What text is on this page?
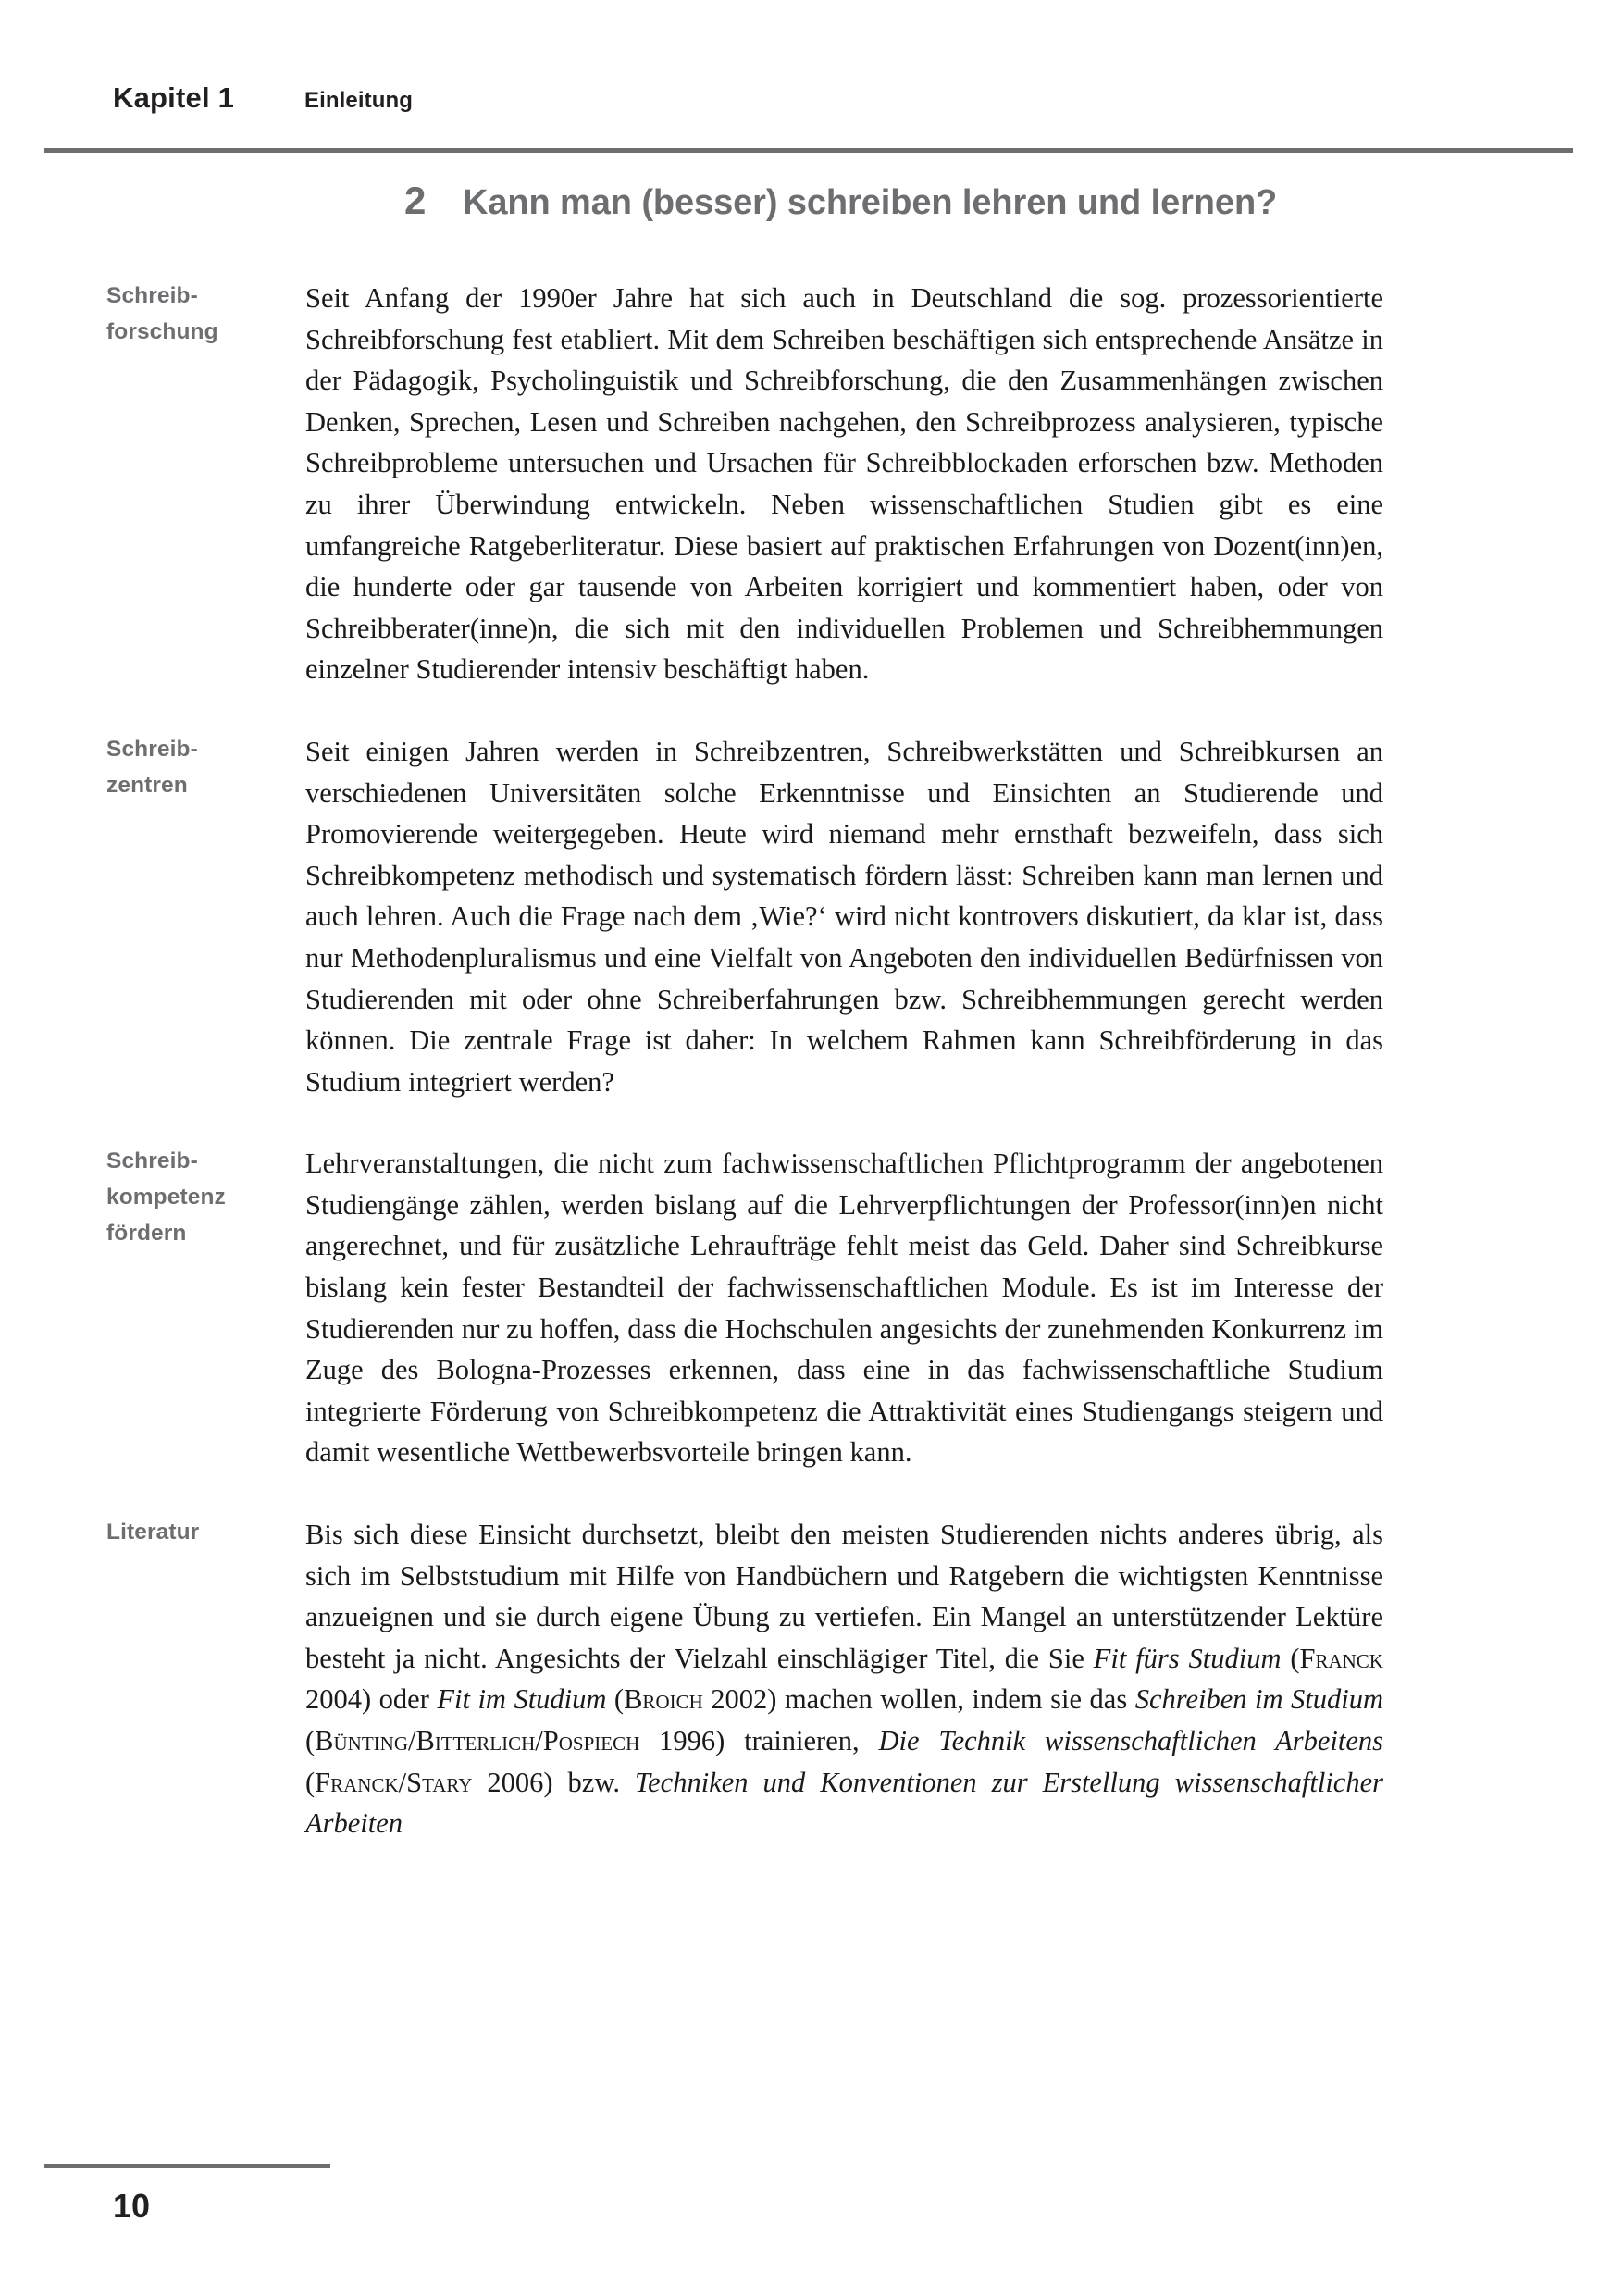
Kapitel 1	Einleitung
2	Kann man (besser) schreiben lehren und lernen?
Schreib-
forschung
Seit Anfang der 1990er Jahre hat sich auch in Deutschland die sog. prozessorientierte Schreibforschung fest etabliert. Mit dem Schreiben beschäftigen sich entsprechende Ansätze in der Pädagogik, Psycholinguistik und Schreibforschung, die den Zusammenhängen zwischen Denken, Sprechen, Lesen und Schreiben nachgehen, den Schreibprozess analysieren, typische Schreibprobleme untersuchen und Ursachen für Schreibblockaden erforschen bzw. Methoden zu ihrer Überwindung entwickeln. Neben wissenschaftlichen Studien gibt es eine umfangreiche Ratgeberliteratur. Diese basiert auf praktischen Erfahrungen von Dozent(inn)en, die hunderte oder gar tausende von Arbeiten korrigiert und kommentiert haben, oder von Schreibberater(inne)n, die sich mit den individuellen Problemen und Schreibhemmungen einzelner Studierender intensiv beschäftigt haben.
Schreib-
zentren
Seit einigen Jahren werden in Schreibzentren, Schreibwerkstätten und Schreibkursen an verschiedenen Universitäten solche Erkenntnisse und Einsichten an Studierende und Promovierende weitergegeben. Heute wird niemand mehr ernsthaft bezweifeln, dass sich Schreibkompetenz methodisch und systematisch fördern lässt: Schreiben kann man lernen und auch lehren. Auch die Frage nach dem ‚Wie?‘ wird nicht kontrovers diskutiert, da klar ist, dass nur Methodenpluralismus und eine Vielfalt von Angeboten den individuellen Bedürfnissen von Studierenden mit oder ohne Schreiberfahrungen bzw. Schreibhemmungen gerecht werden können. Die zentrale Frage ist daher: In welchem Rahmen kann Schreibförderung in das Studium integriert werden?
Schreib-
kompetenz
fördern
Lehrveranstaltungen, die nicht zum fachwissenschaftlichen Pflichtprogramm der angebotenen Studiengänge zählen, werden bislang auf die Lehrverpflichtungen der Professor(inn)en nicht angerechnet, und für zusätzliche Lehraufträge fehlt meist das Geld. Daher sind Schreibkurse bislang kein fester Bestandteil der fachwissenschaftlichen Module. Es ist im Interesse der Studierenden nur zu hoffen, dass die Hochschulen angesichts der zunehmenden Konkurrenz im Zuge des Bologna-Prozesses erkennen, dass eine in das fachwissenschaftliche Studium integrierte Förderung von Schreibkompetenz die Attraktivität eines Studiengangs steigern und damit wesentliche Wettbewerbsvorteile bringen kann.
Literatur	Bis sich diese Einsicht durchsetzt, bleibt den meisten Studierenden nichts anderes übrig, als sich im Selbststudium mit Hilfe von Handbüchern und Ratgebern die wichtigsten Kenntnisse anzueignen und sie durch eigene Übung zu vertiefen. Ein Mangel an unterstützender Lektüre besteht ja nicht. Angesichts der Vielzahl einschlägiger Titel, die Sie Fit fürs Studium (Franck 2004) oder Fit im Studium (Broich 2002) machen wollen, indem sie das Schreiben im Studium (Bünting/Bitterlich/Pospiech 1996) trainieren, Die Technik wissenschaftlichen Arbeitens (Franck/Stary 2006) bzw. Techniken und Konventionen zur Erstellung wissenschaftlicher Arbeiten
10
